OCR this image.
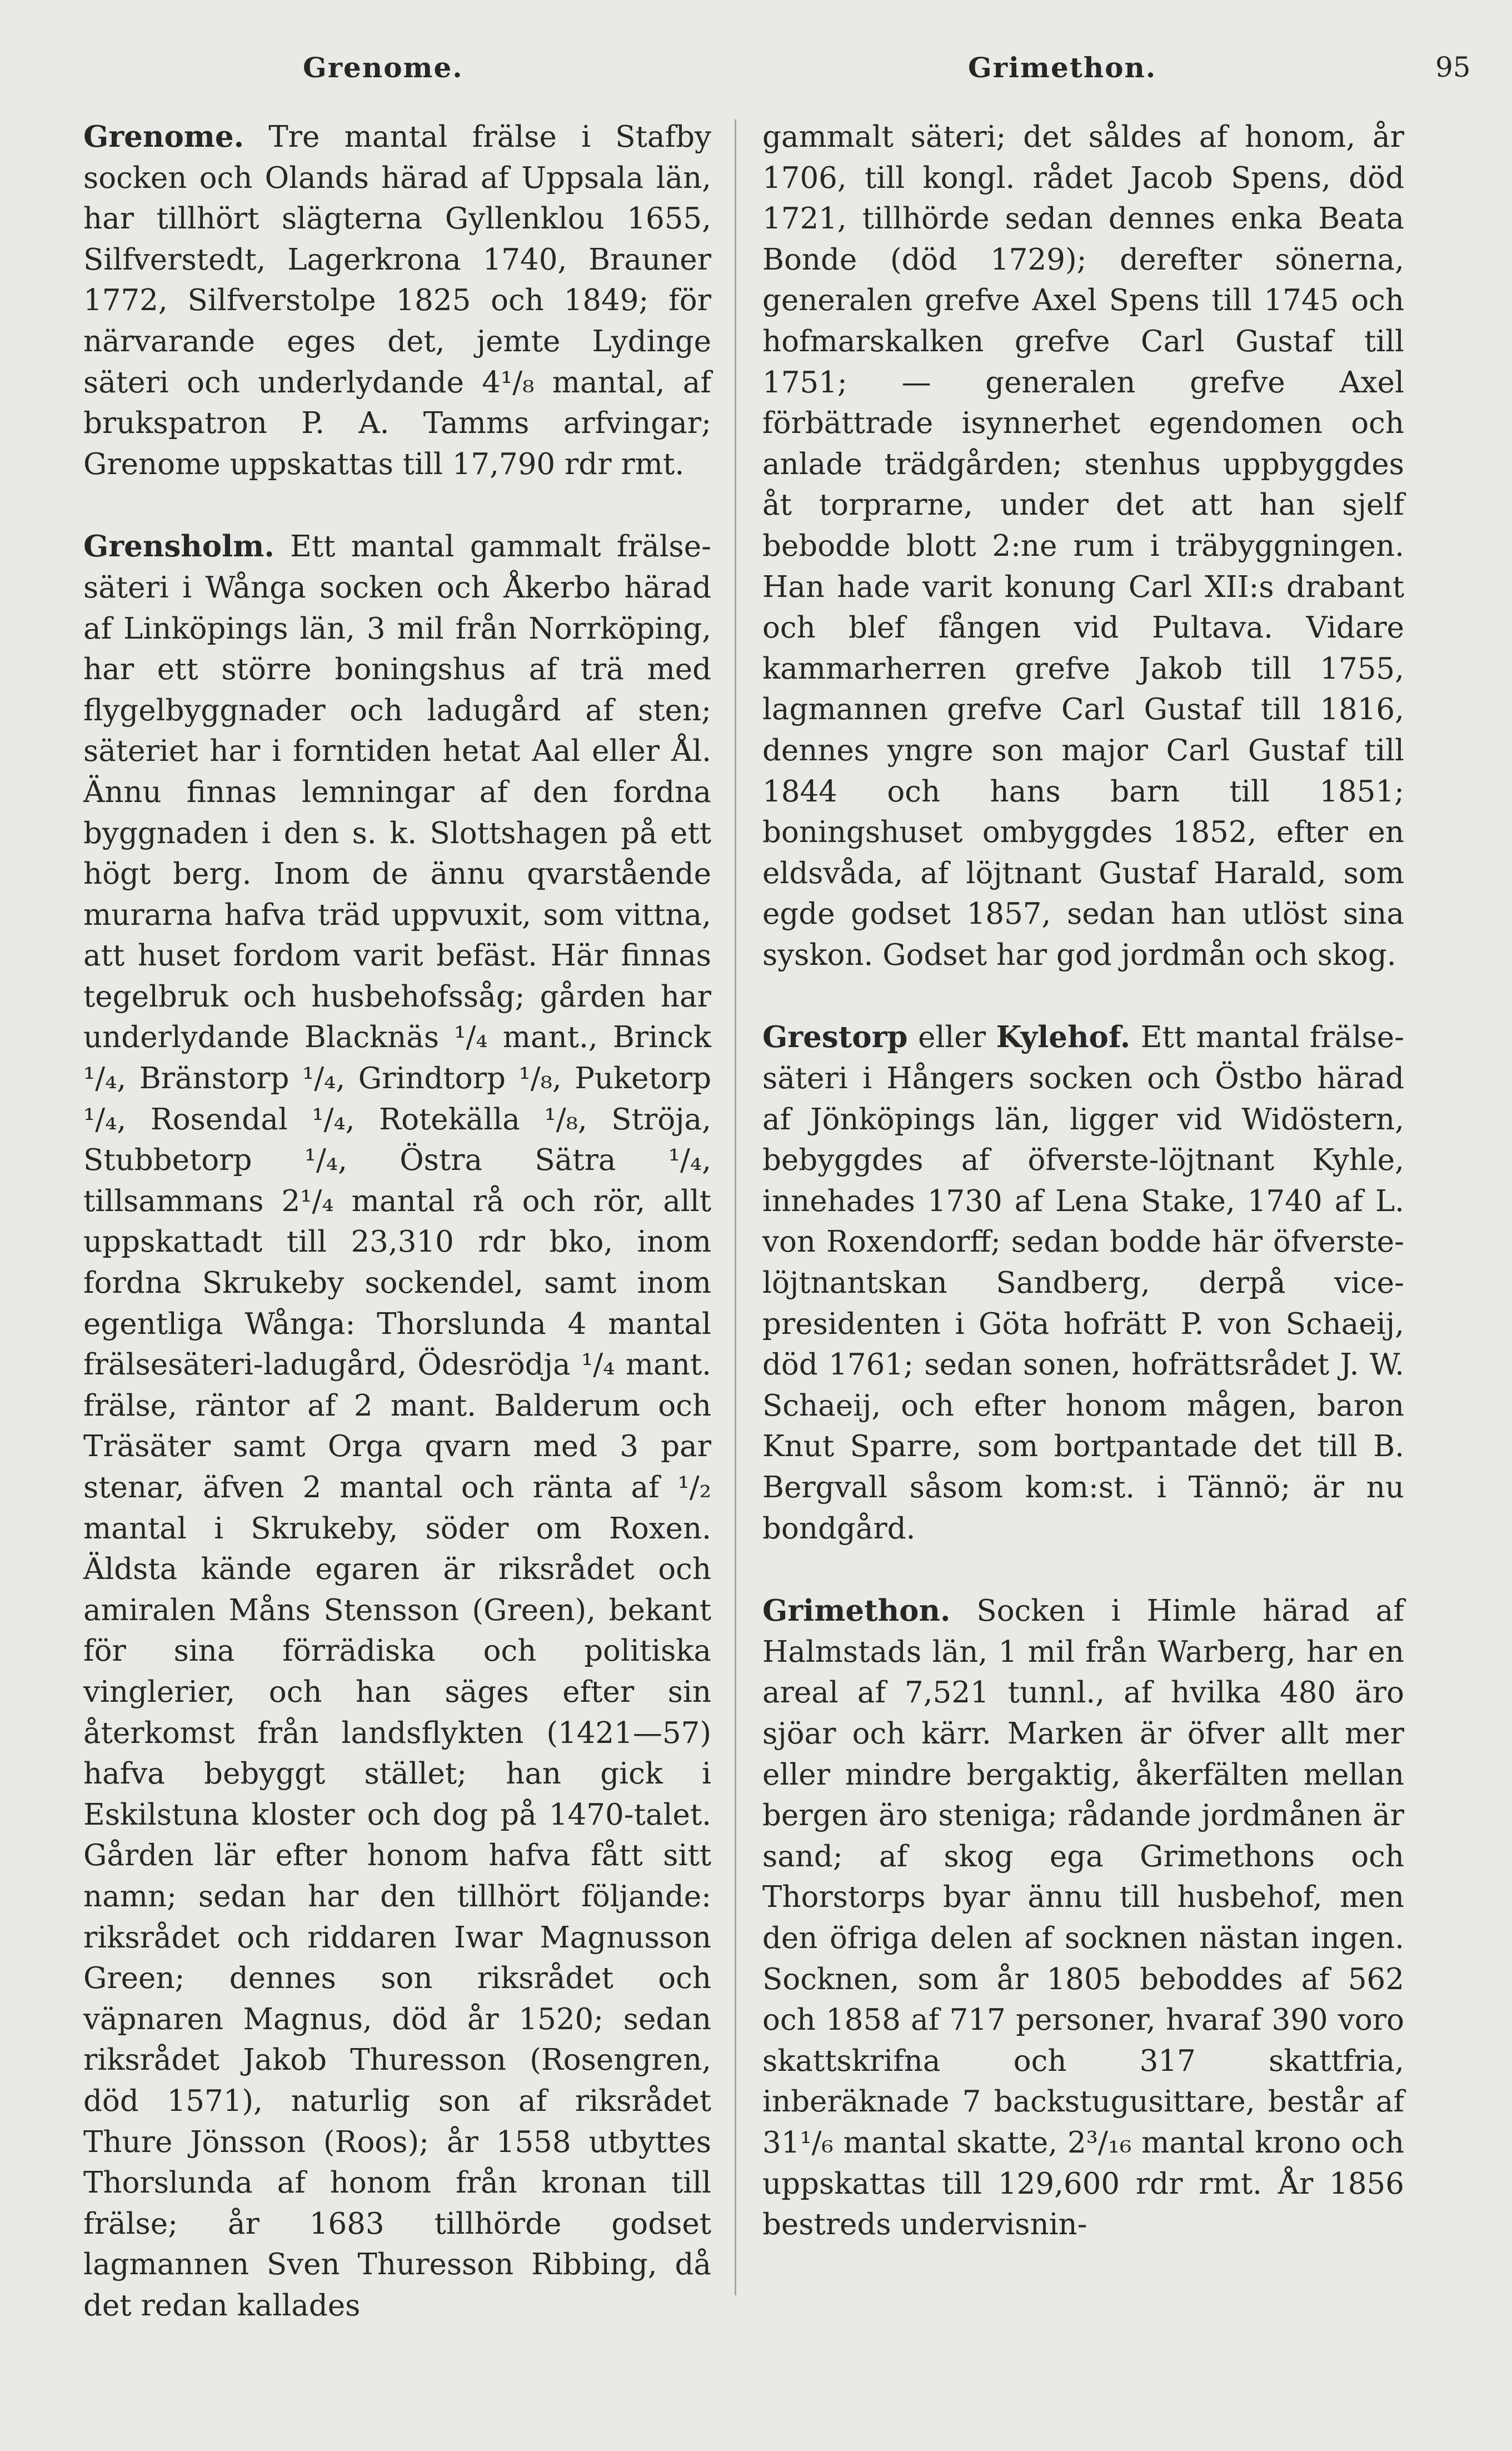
Grenome.	Grimethon.	95

Grenome. Tre mantal frälse i Stafby socken och Olands härad af Uppsala län, har tillhört slägterna Gyllenklou 1655, Silfverstedt, Lagerkrona 1740, Brauner 1772, Silfverstolpe 1825 och 1849; för närvarande eges det, jemte Lydinge säteri och underlydande 4¹/₈ mantal, af brukspatron P. A. Tamms arfvingar; Grenome uppskattas till 17,790 rdr rmt.

Grensholm. Ett mantal gammalt frälse-säteri i Wånga socken och Åkerbo härad af Linköpings län, 3 mil från Norrköping, har ett större boningshus af trä med flygelbyggnader och ladugård af sten; säteriet har i forntiden hetat Aal eller Ål. Ännu finnas lemningar af den fordna byggnaden i den s. k. Slottshagen på ett högt berg. Inom de ännu qvarstående murarna hafva träd uppvuxit, som vittna, att huset fordom varit befäst. Här finnas tegelbruk och husbehofssåg; gården har underlydande Blacknäs ¹/₄ mant., Brinck ¹/₄, Bränstorp ¹/₄, Grindtorp ¹/₈, Puketorp ¹/₄, Rosendal ¹/₄, Rotekälla ¹/₈, Ströja, Stubbetorp ¹/₄, Östra Sätra ¹/₄, tillsammans 2¹/₄ mantal rå och rör, allt uppskattadt till 23,310 rdr bko, inom fordna Skrukeby sockendel, samt inom egentliga Wånga: Thorslunda 4 mantal frälsesäteri-ladugård, Ödesrödja ¹/₄ mant. frälse, räntor af 2 mant. Balderum och Träsäter samt Orga qvarn med 3 par stenar, äfven 2 mantal och ränta af ¹/₂ mantal i Skrukeby, söder om Roxen. Äldsta kände egaren är riksrådet och amiralen Måns Stensson (Green), bekant för sina förrädiska och politiska vinglerier, och han säges efter sin återkomst från landsflykten (1421—57) hafva bebyggt stället; han gick i Eskilstuna kloster och dog på 1470-talet. Gården lär efter honom hafva fått sitt namn; sedan har den tillhört följande: riksrådet och riddaren Iwar Magnusson Green; dennes son riksrådet och väpnaren Magnus, död år 1520; sedan riksrådet Jakob Thuresson (Rosengren, död 1571), naturlig son af riksrådet Thure Jönsson (Roos); år 1558 utbyttes Thorslunda af honom från kronan till frälse; år 1683 tillhörde godset lagmannen Sven Thuresson Ribbing, då det redan kallades

gammalt säteri; det såldes af honom, år 1706, till kongl. rådet Jacob Spens, död 1721, tillhörde sedan dennes enka Beata Bonde (död 1729); derefter sönerna, generalen grefve Axel Spens till 1745 och hofmarskalken grefve Carl Gustaf till 1751; — generalen grefve Axel förbättrade isynnerhet egendomen och anlade trädgården; stenhus uppbyggdes åt torprarne, under det att han sjelf bebodde blott 2:ne rum i träbyggningen. Han hade varit konung Carl XII:s drabant och blef fången vid Pultava. Vidare kammarherren grefve Jakob till 1755, lagmannen grefve Carl Gustaf till 1816, dennes yngre son major Carl Gustaf till 1844 och hans barn till 1851; boningshuset ombyggdes 1852, efter en eldsvåda, af löjtnant Gustaf Harald, som egde godset 1857, sedan han utlöst sina syskon. Godset har god jordmån och skog.

Grestorp eller Kylehof. Ett mantal frälse-säteri i Hångers socken och Östbo härad af Jönköpings län, ligger vid Widöstern, bebyggdes af öfverste-löjtnant Kyhle, innehades 1730 af Lena Stake, 1740 af L. von Roxendorff; sedan bodde här öfverste-löjtnantskan Sandberg, derpå vice-presidenten i Göta hofrätt P. von Schaeij, död 1761; sedan sonen, hofrättsrådet J. W. Schaeij, och efter honom mågen, baron Knut Sparre, som bortpantade det till B. Bergvall såsom kom:st. i Tännö; är nu bondgård.

Grimethon. Socken i Himle härad af Halmstads län, 1 mil från Warberg, har en areal af 7,521 tunnl., af hvilka 480 äro sjöar och kärr. Marken är öfver allt mer eller mindre bergaktig, åkerfälten mellan bergen äro steniga; rådande jordmånen är sand; af skog ega Grimethons och Thorstorps byar ännu till husbehof, men den öfriga delen af socknen nästan ingen. Socknen, som år 1805 beboddes af 562 och 1858 af 717 personer, hvaraf 390 voro skattskrifna och 317 skattfria, inberäknade 7 backstugusittare, består af 31¹/₆ mantal skatte, 2³/₁₆ mantal krono och uppskattas till 129,600 rdr rmt. År 1856 bestreds undervisnin-
